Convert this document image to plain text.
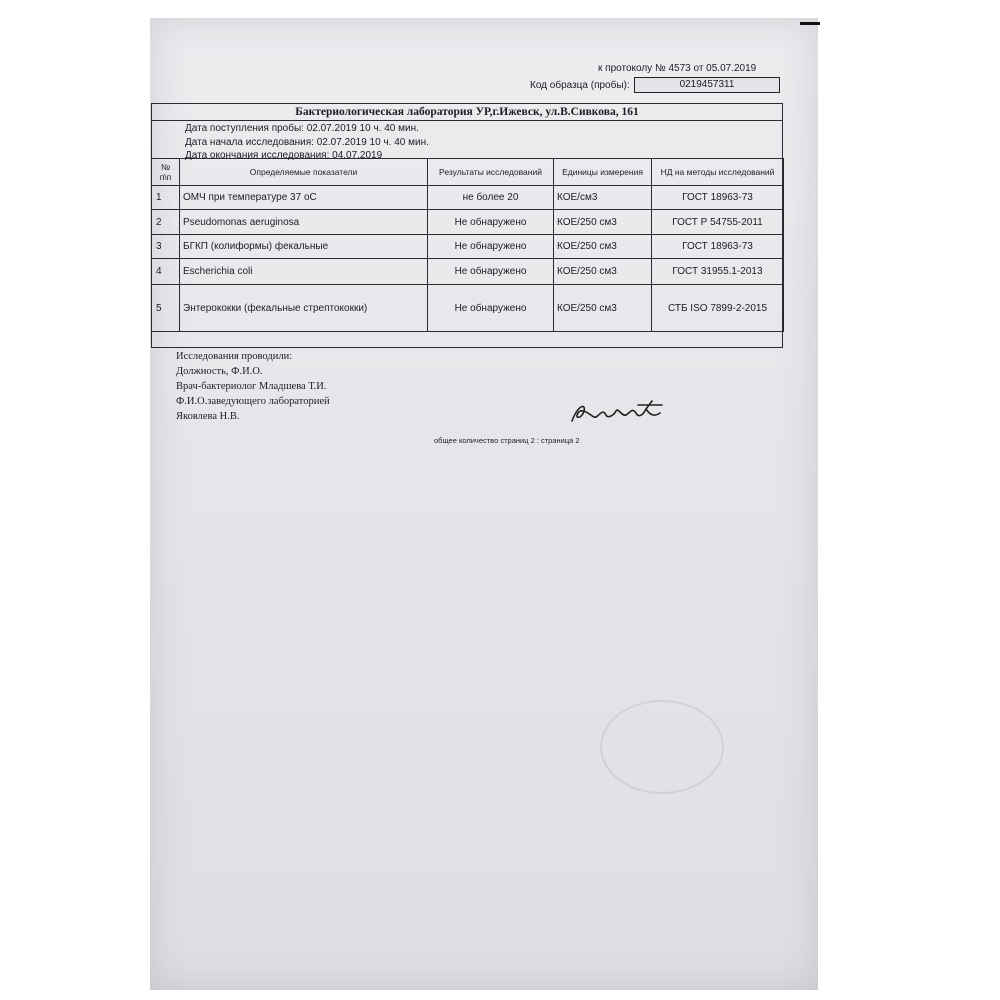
к протоколу № 4573 от 05.07.2019
Код образца (пробы):	0219457311
Бактериологическая лаборатория УР,г.Ижевск, ул.В.Сивкова, 161
Дата поступления пробы: 02.07.2019 10 ч. 40 мин.
Дата начала исследования: 02.07.2019 10 ч. 40 мин.
Дата окончания исследования: 04.07.2019
№ п\п	Определяемые показатели	Результаты исследований	Единицы измерения	НД на методы исследований
1	ОМЧ при температуре 37 оС	не более 20	КОЕ/см3	ГОСТ 18963-73
2	Pseudomonas aeruginosa	Не обнаружено	КОЕ/250 см3	ГОСТ Р 54755-2011
3	БГКП (колиформы) фекальные	Не обнаружено	КОЕ/250 см3	ГОСТ 18963-73
4	Escherichia coli	Не обнаружено	КОЕ/250 см3	ГОСТ 31955.1-2013
5	Энтерококки (фекальные стрептококки)	Не обнаружено	КОЕ/250 см3	СТБ ISO 7899-2-2015
Исследования проводили:
Должность, Ф.И.О.
Врач-бактериолог Младшева Т.И.
Ф.И.О.заведующего лабораторией
Яковлева Н.В.
общее количество страниц 2 : страница 2
